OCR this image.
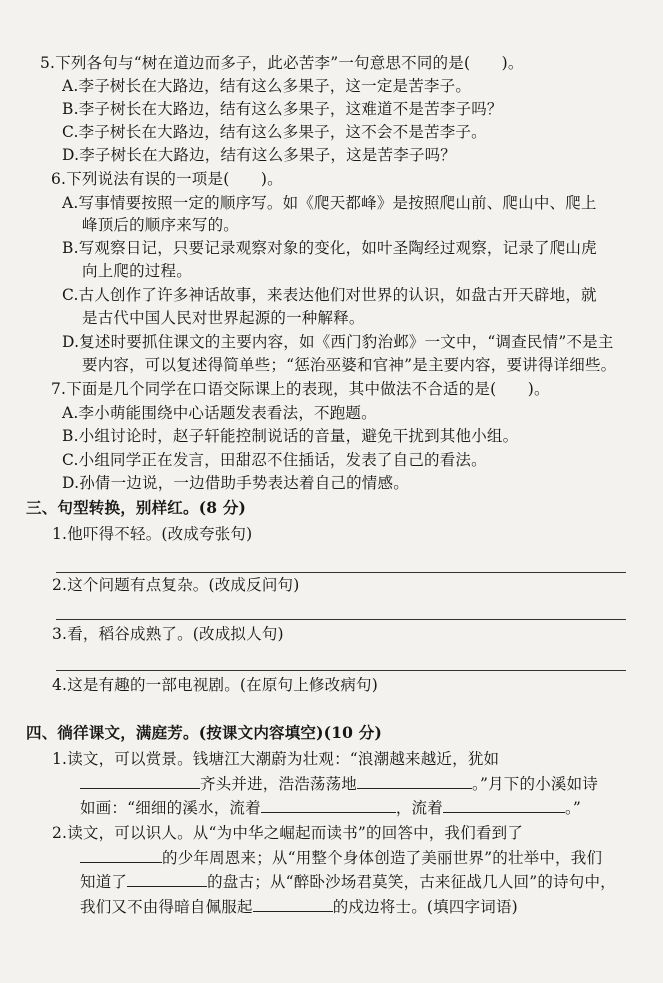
5.下列各句与“树在道边而多子，此必苦李”一句意思不同的是(　　)。
A.李子树长在大路边，结有这么多果子，这一定是苦李子。
B.李子树长在大路边，结有这么多果子，这难道不是苦李子吗？
C.李子树长在大路边，结有这么多果子，这不会不是苦李子。
D.李子树长在大路边，结有这么多果子，这是苦李子吗？
6.下列说法有误的一项是(　　)。
A.写事情要按照一定的顺序写。如《爬天都峰》是按照爬山前、爬山中、爬上
峰顶后的顺序来写的。
B.写观察日记，只要记录观察对象的变化，如叶圣陶经过观察，记录了爬山虎
向上爬的过程。
C.古人创作了许多神话故事，来表达他们对世界的认识，如盘古开天辟地，就
是古代中国人民对世界起源的一种解释。
D.复述时要抓住课文的主要内容，如《西门豹治邺》一文中，“调查民情”不是主
要内容，可以复述得简单些；“惩治巫婆和官神”是主要内容，要讲得详细些。
7.下面是几个同学在口语交际课上的表现，其中做法不合适的是(　　)。
A.李小萌能围绕中心话题发表看法，不跑题。
B.小组讨论时，赵子轩能控制说话的音量，避免干扰到其他小组。
C.小组同学正在发言，田甜忍不住插话，发表了自己的看法。
D.孙倩一边说，一边借助手势表达着自己的情感。
三、句型转换，别样红。(8 分)
1.他吓得不轻。(改成夸张句)
2.这个问题有点复杂。(改成反问句)
3.看，稻谷成熟了。(改成拟人句)
4.这是有趣的一部电视剧。(在原句上修改病句)
四、徜徉课文，满庭芳。(按课文内容填空)(10 分)
1.读文，可以赏景。钱塘江大潮蔚为壮观：“浪潮越来越近，犹如
齐头并进，浩浩荡荡地	。”月下的小溪如诗
如画：“细细的溪水，流着	，流着	。”
2.读文，可以识人。从“为中华之崛起而读书”的回答中，我们看到了
的少年周恩来；从“用整个身体创造了美丽世界”的壮举中，我们
知道了	的盘古；从“醉卧沙场君莫笑，古来征战几人回”的诗句中，
我们又不由得暗自佩服起	的戍边将士。(填四字词语)
